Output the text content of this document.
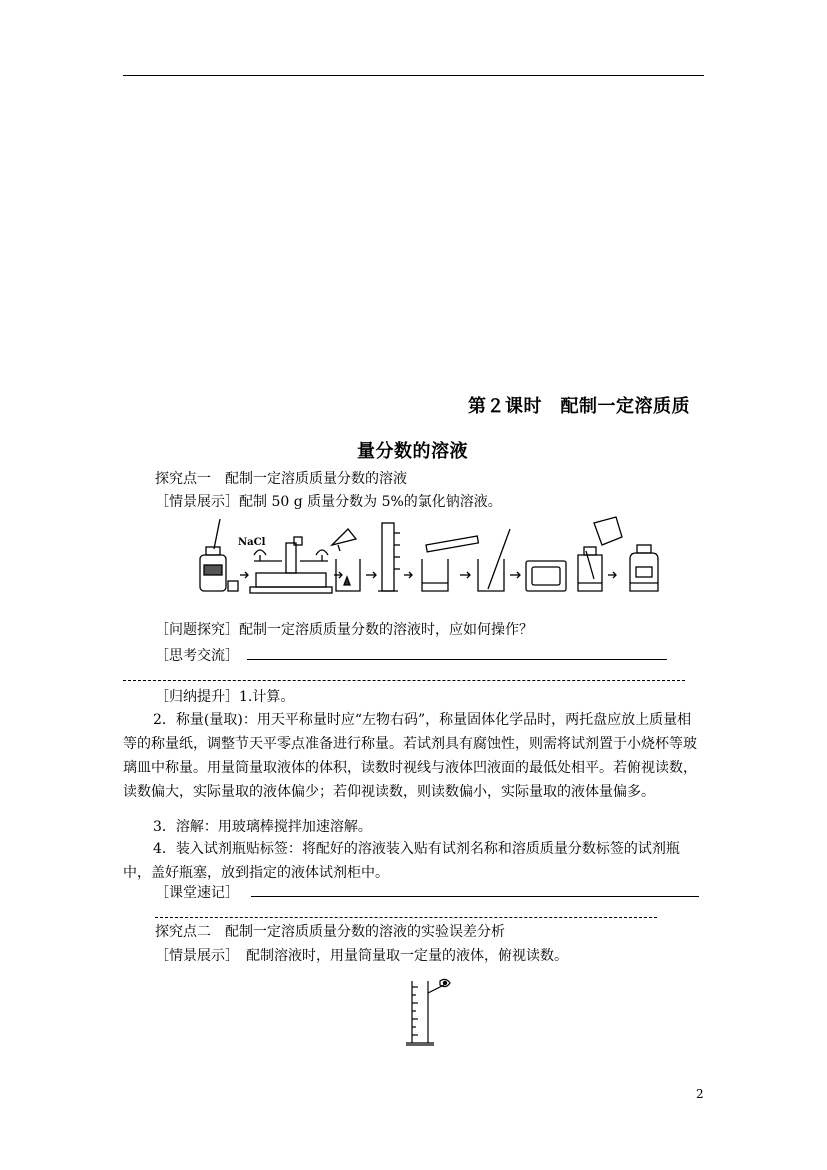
第２课时　配制一定溶质质
量分数的溶液
探究点一　配制一定溶质质量分数的溶液
［情景展示］配制 50 g 质量分数为 5%的氯化钠溶液。
NaCl
［问题探究］配制一定溶质质量分数的溶液时，应如何操作？
［思考交流］
［归纳提升］1.计算。
2．称量(量取)：用天平称量时应“左物右码”，称量固体化学品时，两托盘应放上质量相等的称量纸，调整节天平零点准备进行称量。若试剂具有腐蚀性，则需将试剂置于小烧杯等玻璃皿中称量。用量筒量取液体的体积，读数时视线与液体凹液面的最低处相平。若俯视读数，读数偏大，实际量取的液体偏少；若仰视读数，则读数偏小，实际量取的液体量偏多。
3．溶解：用玻璃棒搅拌加速溶解。
4．装入试剂瓶贴标签：将配好的溶液装入贴有试剂名称和溶质质量分数标签的试剂瓶中，盖好瓶塞，放到指定的液体试剂柜中。
［课堂速记］
探究点二　配制一定溶质质量分数的溶液的实验误差分析
［情景展示］　配制溶液时，用量筒量取一定量的液体，俯视读数。
2
